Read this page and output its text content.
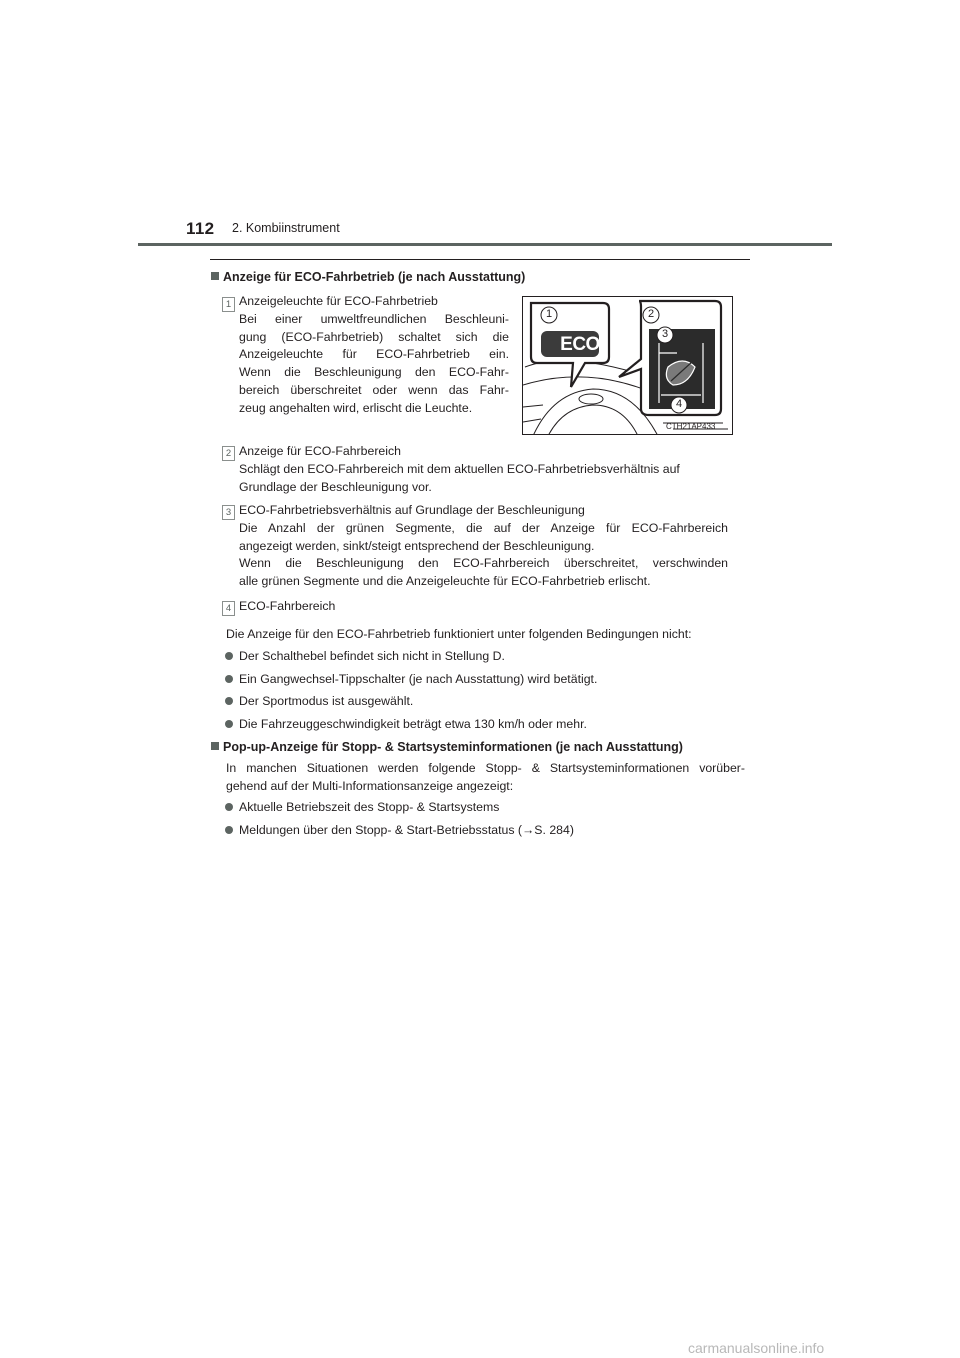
112 2. Kombiinstrument
Anzeige für ECO-Fahrbetrieb (je nach Ausstattung)
1 Anzeigeleuchte für ECO-Fahrbetrieb
Bei einer umweltfreundlichen Beschleuni-
gung (ECO-Fahrbetrieb) schaltet sich die
Anzeigeleuchte für ECO-Fahrbetrieb ein.
Wenn die Beschleunigung den ECO-Fahr-
bereich überschreitet oder wenn das Fahr-
zeug angehalten wird, erlischt die Leuchte.
ECO
1	2
3
4
CTH21AP433
2 Anzeige für ECO-Fahrbereich
Schlägt den ECO-Fahrbereich mit dem aktuellen ECO-Fahrbetriebsverhältnis auf
Grundlage der Beschleunigung vor.
3 ECO-Fahrbetriebsverhältnis auf Grundlage der Beschleunigung
Die Anzahl der grünen Segmente, die auf der Anzeige für ECO-Fahrbereich
angezeigt werden, sinkt/steigt entsprechend der Beschleunigung.
Wenn die Beschleunigung den ECO-Fahrbereich überschreitet, verschwinden
alle grünen Segmente und die Anzeigeleuchte für ECO-Fahrbetrieb erlischt.
4 ECO-Fahrbereich
Die Anzeige für den ECO-Fahrbetrieb funktioniert unter folgenden Bedingungen nicht:
Der Schalthebel befindet sich nicht in Stellung D.
Ein Gangwechsel-Tippschalter (je nach Ausstattung) wird betätigt.
Der Sportmodus ist ausgewählt.
Die Fahrzeuggeschwindigkeit beträgt etwa 130 km/h oder mehr.
Pop-up-Anzeige für Stopp- & Startsysteminformationen (je nach Ausstattung)
In manchen Situationen werden folgende Stopp- & Startsysteminformationen vorüber-
gehend auf der Multi-Informationsanzeige angezeigt:
Aktuelle Betriebszeit des Stopp- & Startsystems
Meldungen über den Stopp- & Start-Betriebsstatus (→S. 284)
carmanualsonline.info
